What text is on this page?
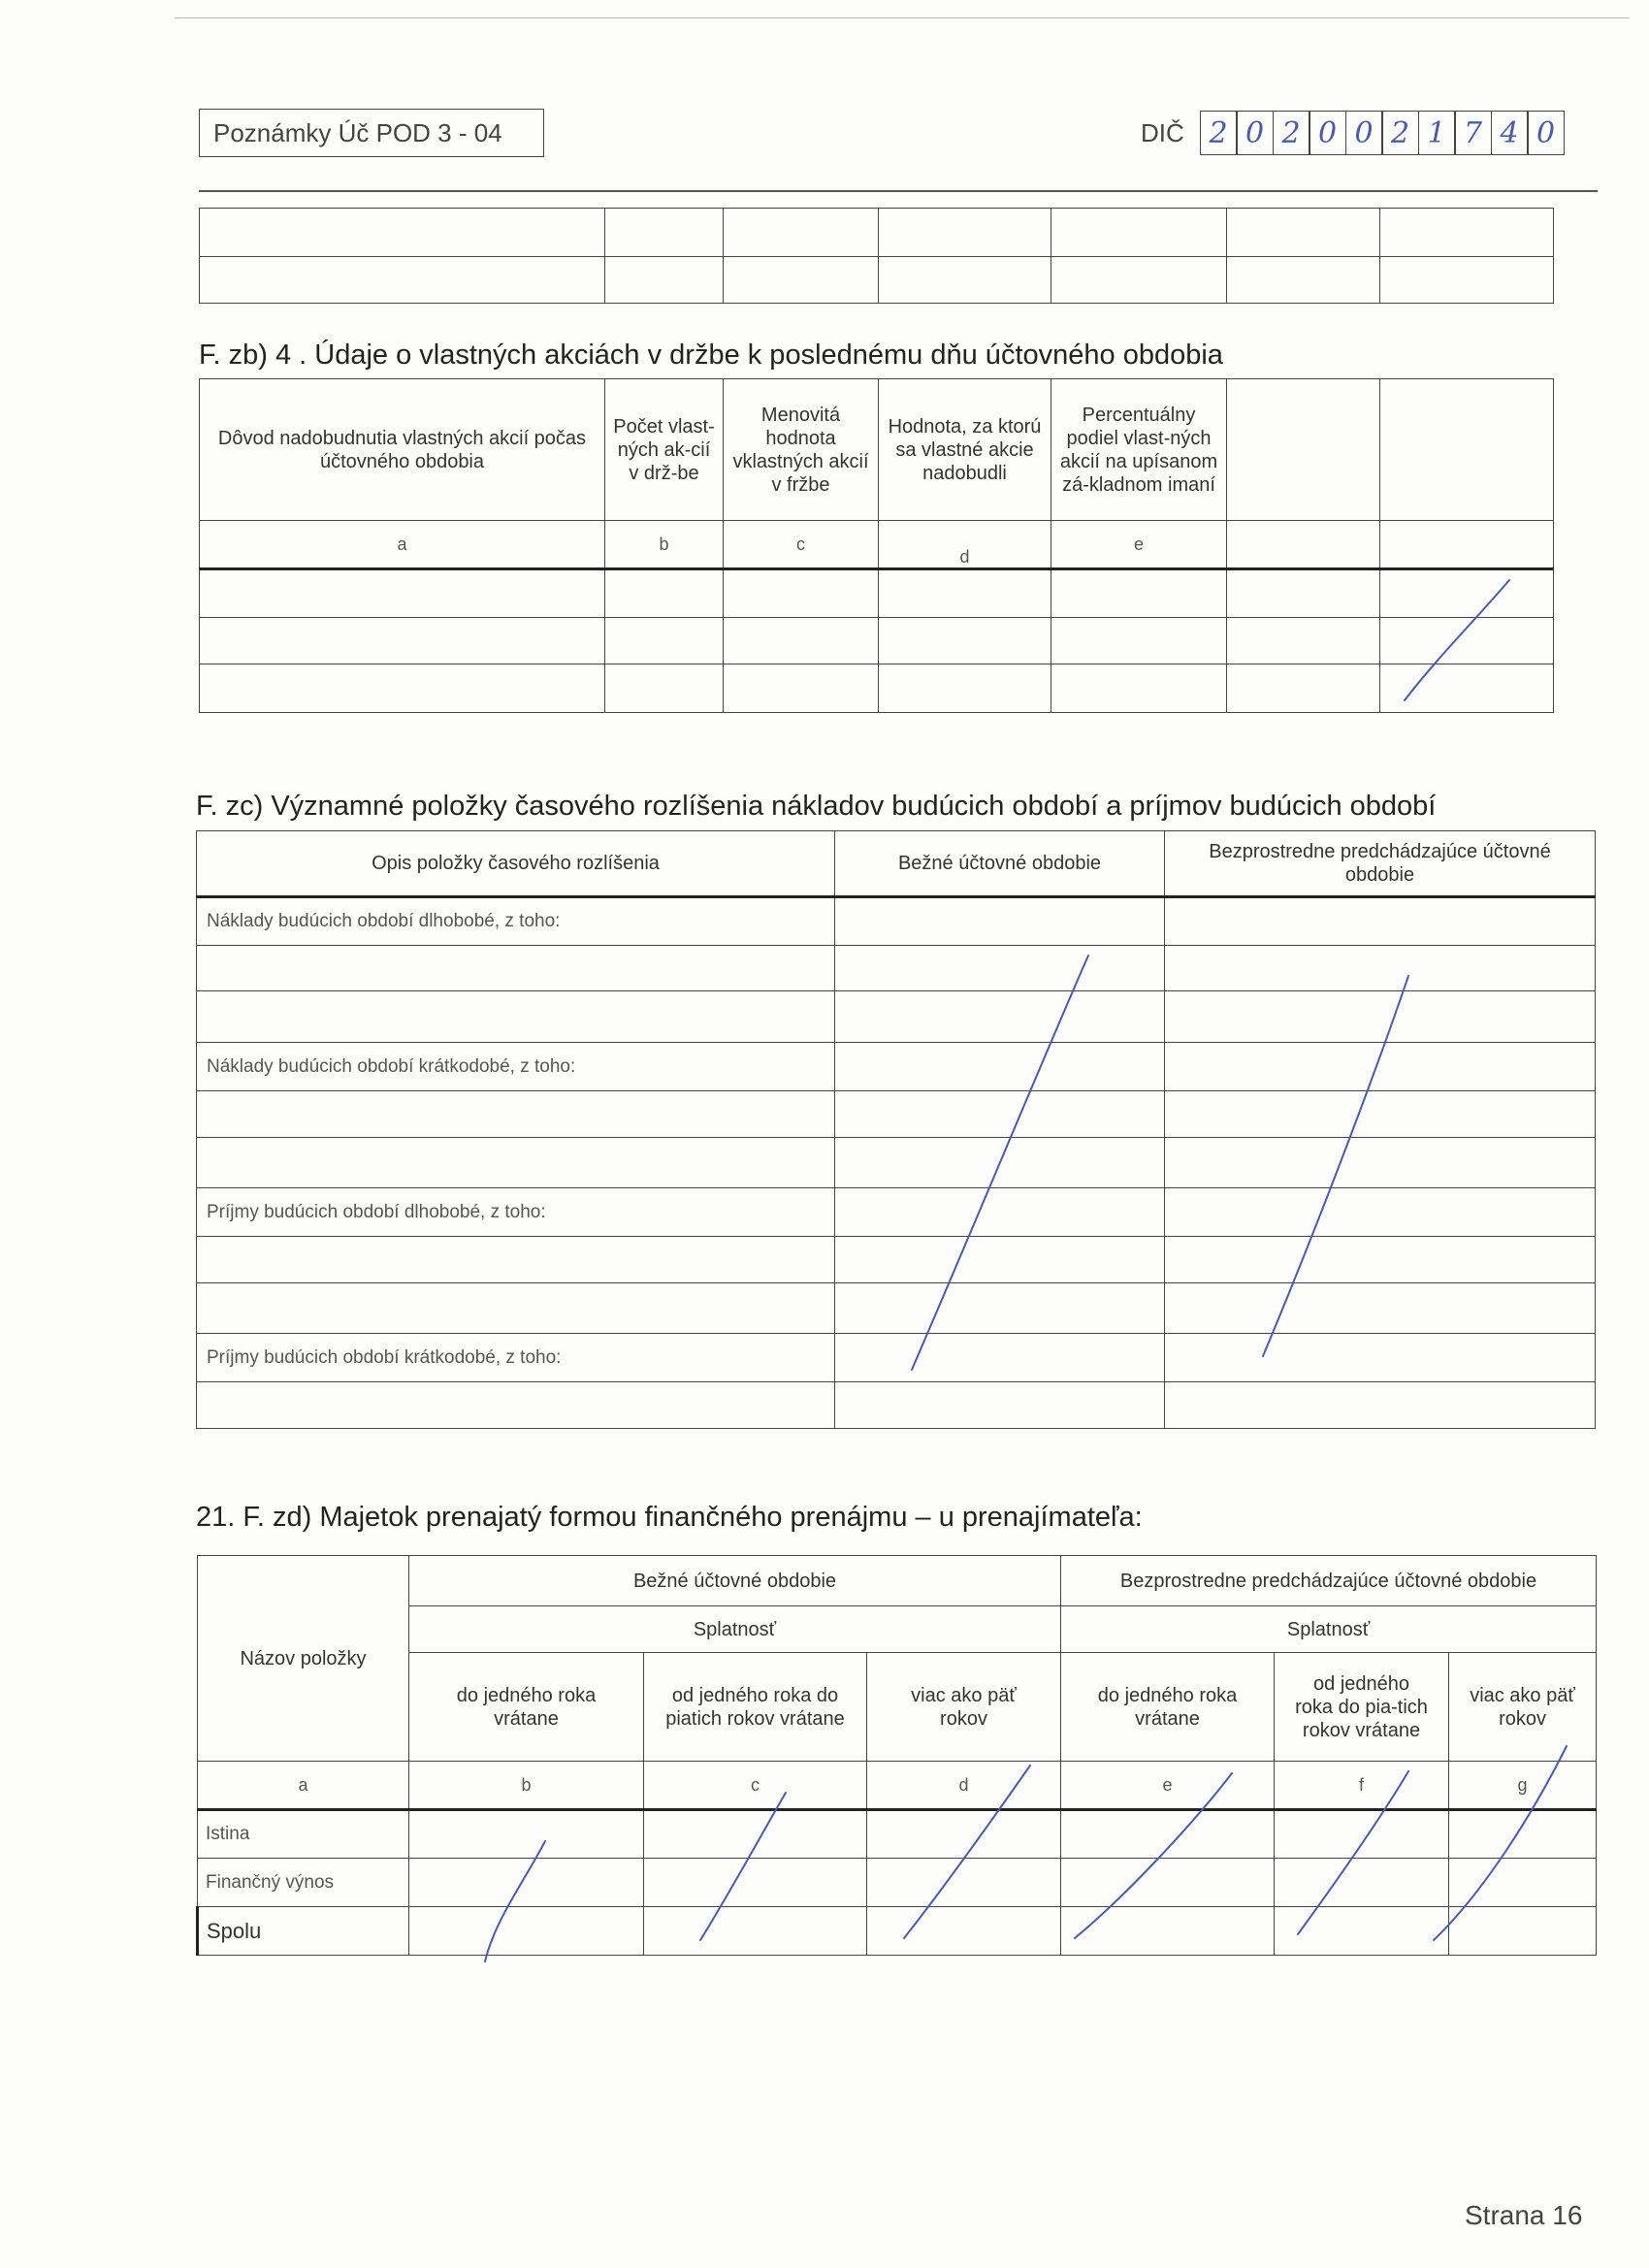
Poznámky Úč POD 3 - 04	DIČ 2 0 2 0 0 2 1 7 4 0

F. zb) 4 . Údaje o vlastných akciách v držbe k poslednému dňu účtovného obdobia
Dôvod nadobudnutia vlastných akcií počas účtovného obdobia	Počet vlast-ných ak-cií v drž-be	Menovitá hodnota vklastných akcií v fržbe	Hodnota, za ktorú sa vlastné akcie nadobudli	Percentuálny podiel vlast-ných akcií na upísanom zá-kladnom imaní		
a	b	c	d	e		

F. zc) Významné položky časového rozlíšenia nákladov budúcich období a príjmov budúcich období
Opis položky časového rozlíšenia	Bežné účtovné obdobie	Bezprostredne predchádzajúce účtovné obdobie
Náklady budúcich období dlhobobé, z toho:		

Náklady budúcich období krátkodobé, z toho:		

Príjmy budúcich období dlhobobé, z toho:		

Príjmy budúcich období krátkodobé, z toho:		

21. F. zd) Majetok prenajatý formou finančného prenájmu – u prenajímateľa:
Názov položky	Bežné účtovné obdobie			Bezprostredne predchádzajúce účtovné obdobie		
	Splatnosť			Splatnosť		
	do jedného roka vrátane	od jedného roka do piatich rokov vrátane	viac ako päť rokov	do jedného roka vrátane	od jedného roka do pia-tich rokov vrátane	viac ako päť rokov
a	b	c	d	e	f	g
Istina						
Finančný výnos						
Spolu						
Strana 16
